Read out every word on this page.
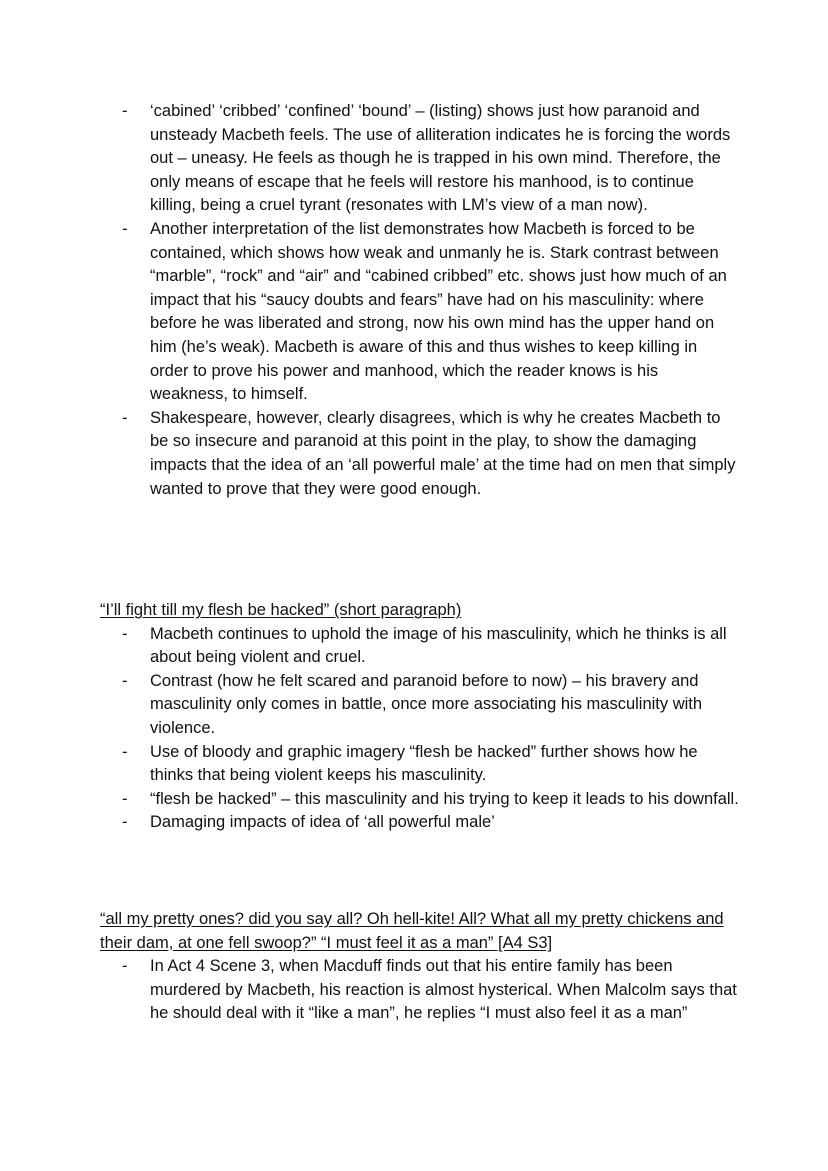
- ‘cabined’ ‘cribbed’ ‘confined’ ‘bound’ – (listing) shows just how paranoid and unsteady Macbeth feels. The use of alliteration indicates he is forcing the words out – uneasy. He feels as though he is trapped in his own mind. Therefore, the only means of escape that he feels will restore his manhood, is to continue killing, being a cruel tyrant (resonates with LM’s view of a man now).
- Another interpretation of the list demonstrates how Macbeth is forced to be contained, which shows how weak and unmanly he is. Stark contrast between “marble”, “rock” and “air” and “cabined cribbed” etc. shows just how much of an impact that his “saucy doubts and fears” have had on his masculinity: where before he was liberated and strong, now his own mind has the upper hand on him (he’s weak). Macbeth is aware of this and thus wishes to keep killing in order to prove his power and manhood, which the reader knows is his weakness, to himself.
- Shakespeare, however, clearly disagrees, which is why he creates Macbeth to be so insecure and paranoid at this point in the play, to show the damaging impacts that the idea of an ‘all powerful male’ at the time had on men that simply wanted to prove that they were good enough.

“I’ll fight till my flesh be hacked” (short paragraph)

- Macbeth continues to uphold the image of his masculinity, which he thinks is all about being violent and cruel.
- Contrast (how he felt scared and paranoid before to now) – his bravery and masculinity only comes in battle, once more associating his masculinity with violence.
- Use of bloody and graphic imagery “flesh be hacked” further shows how he thinks that being violent keeps his masculinity.
- “flesh be hacked” – this masculinity and his trying to keep it leads to his downfall.
- Damaging impacts of idea of ‘all powerful male’

“all my pretty ones? did you say all? Oh hell-kite! All? What all my pretty chickens and their dam, at one fell swoop?” “I must feel it as a man” [A4 S3]

- In Act 4 Scene 3, when Macduff finds out that his entire family has been murdered by Macbeth, his reaction is almost hysterical. When Malcolm says that he should deal with it “like a man”, he replies “I must also feel it as a man”
